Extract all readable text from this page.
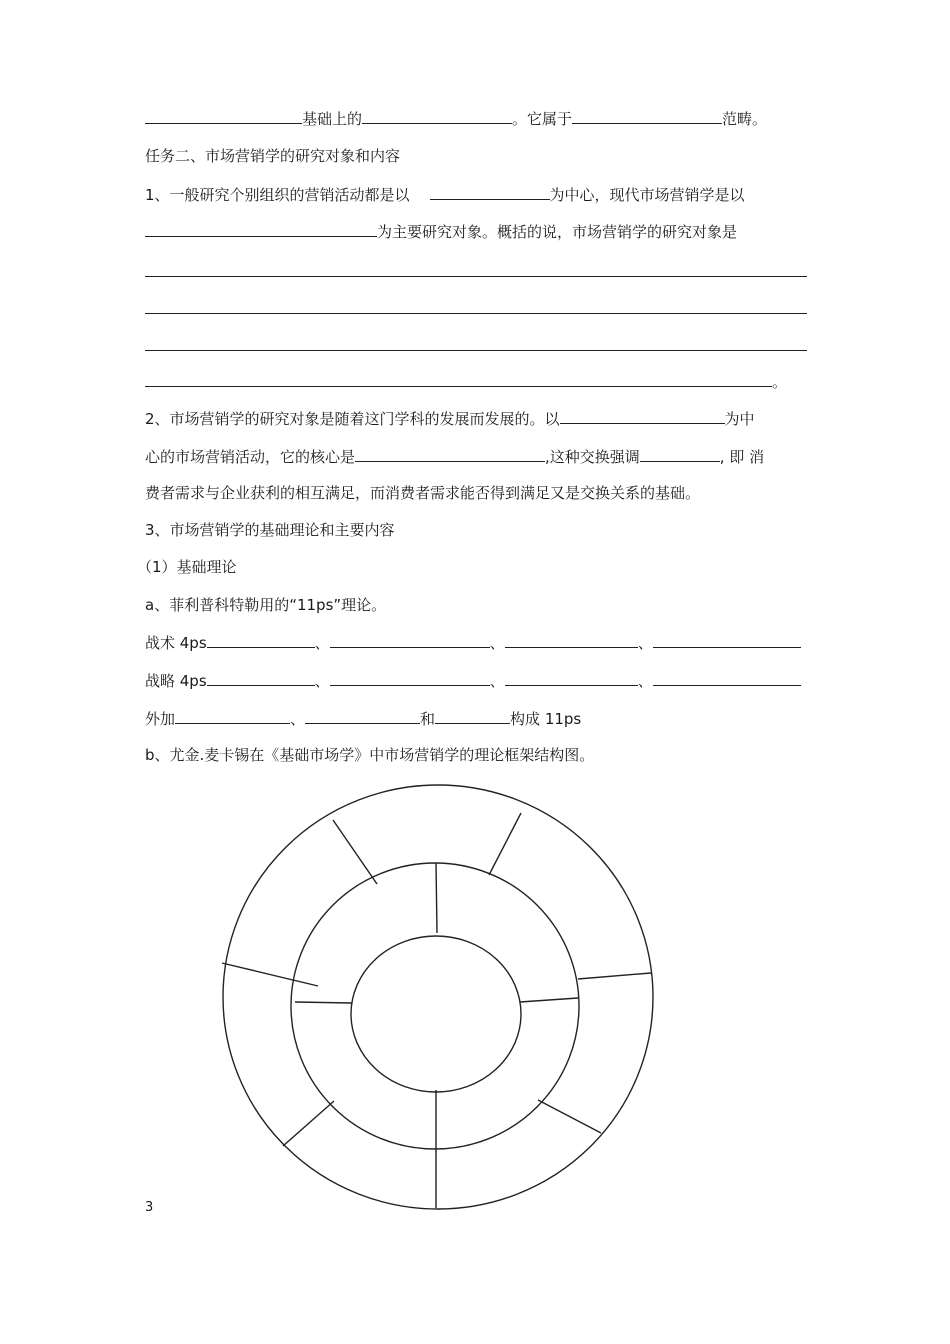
基础上的	。它属于	范畴。
任务二、市场营销学的研究对象和内容
1、一般研究个别组织的营销活动都是以	为中心，现代市场营销学是以
为主要研究对象。概括的说，市场营销学的研究对象是
。
2、市场营销学的研究对象是随着这门学科的发展而发展的。以	为中
心的市场营销活动，它的核心是	,这种交换强调	, 即 消
费者需求与企业获利的相互满足，而消费者需求能否得到满足又是交换关系的基础。
3、市场营销学的基础理论和主要内容
（1）基础理论
a、菲利普科特勒用的“11ps”理论。
战术 4ps	、	、	、
战略 4ps	、	、	、
外加	、	和	构成 11ps
b、尤金.麦卡锡在《基础市场学》中市场营销学的理论框架结构图。
3
